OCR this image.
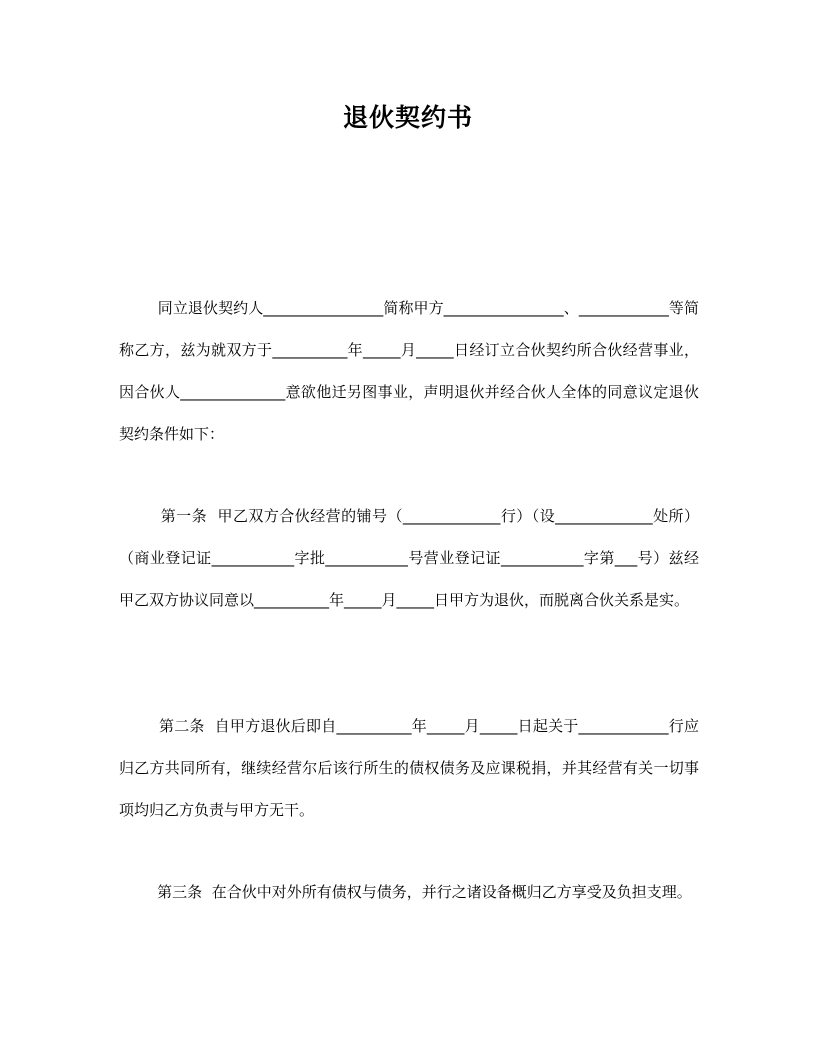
退伙契约书

同立退伙契约人________________简称甲方________________、____________等简称乙方，兹为就双方于__________年_____月_____日经订立合伙契约所合伙经营事业，因合伙人______________意欲他迁另图事业，声明退伙并经合伙人全体的同意议定退伙契约条件如下：

第一条  甲乙双方合伙经营的铺号（_____________行）（设_____________处所）（商业登记证___________字批___________号营业登记证___________字第___号）兹经甲乙双方协议同意以__________年_____月_____日甲方为退伙，而脱离合伙关系是实。

第二条  自甲方退伙后即自__________年_____月_____日起关于____________行应归乙方共同所有，继续经营尔后该行所生的债权债务及应课税捐，并其经营有关一切事项均归乙方负责与甲方无干。

第三条  在合伙中对外所有债权与债务，并行之诸设备概归乙方享受及负担支理。
